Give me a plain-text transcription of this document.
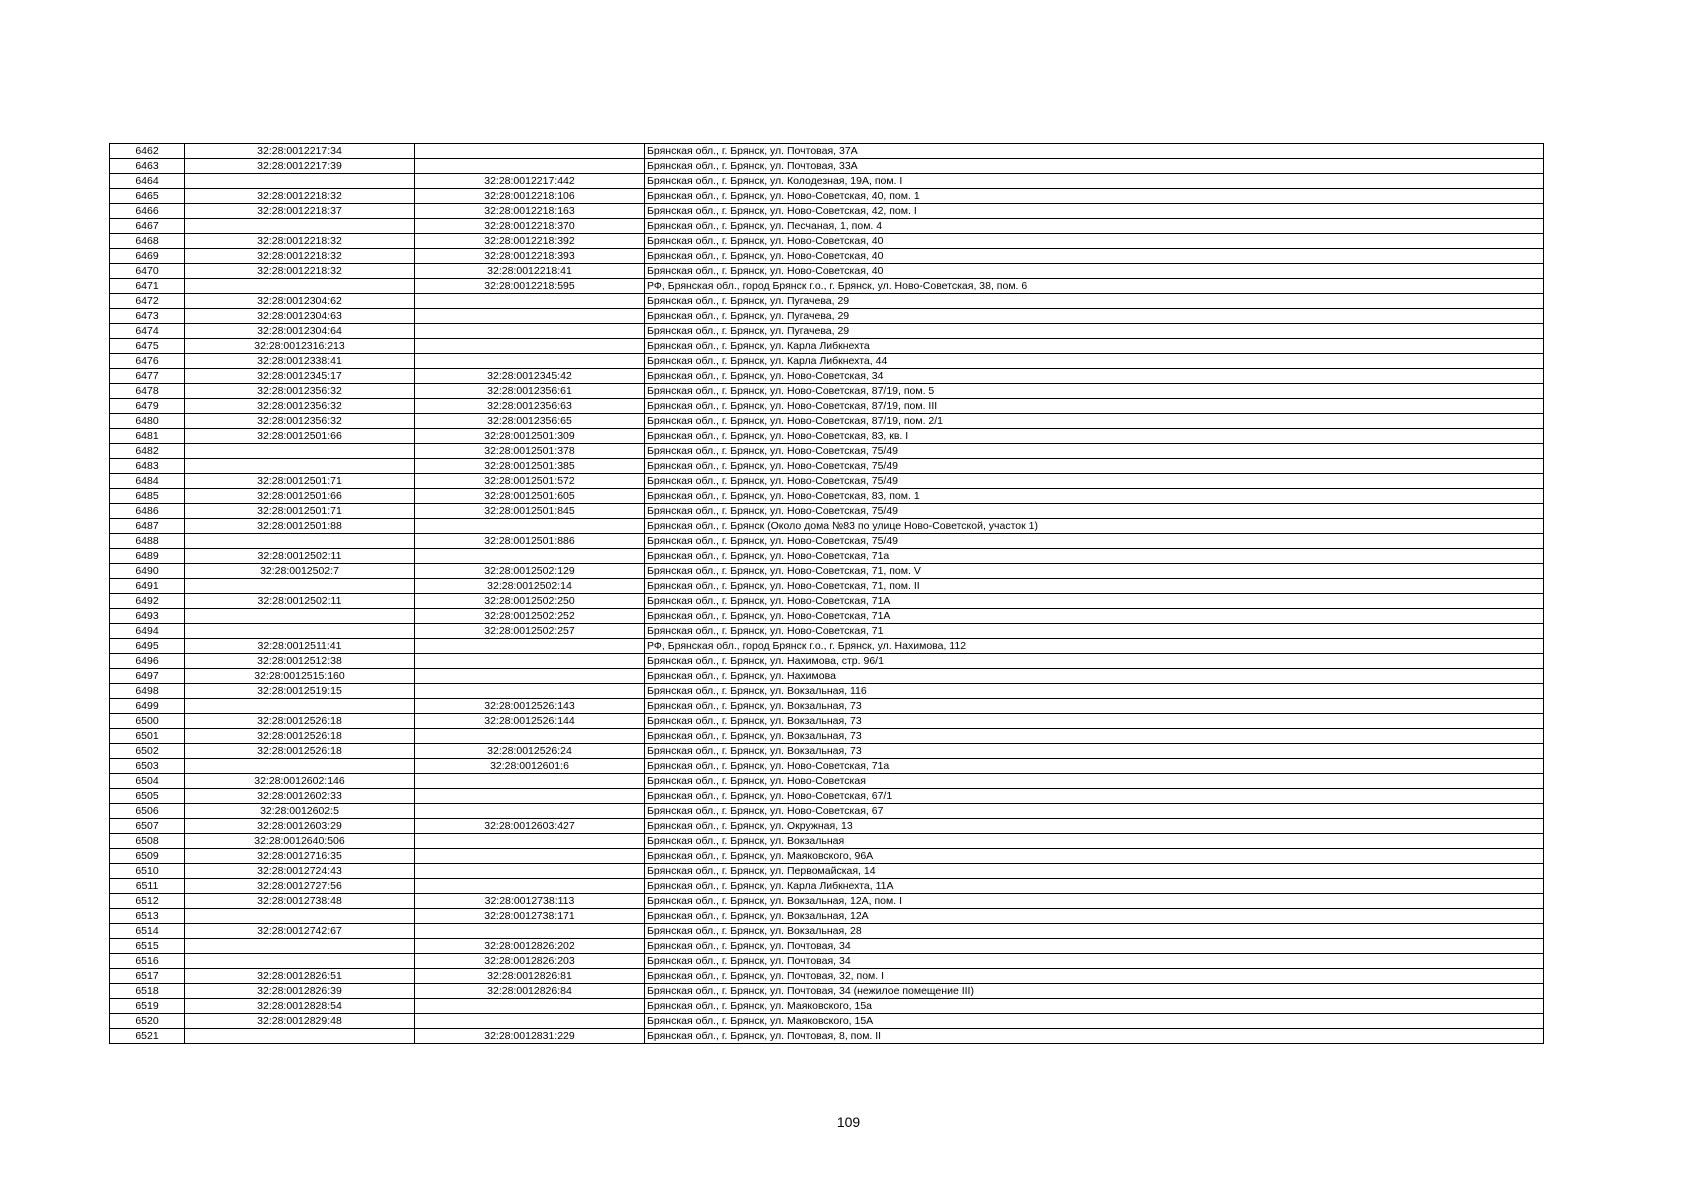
6462	32:28:0012217:34		Брянская обл., г. Брянск, ул. Почтовая, 37А
6463	32:28:0012217:39		Брянская обл., г. Брянск, ул. Почтовая, 33А
6464		32:28:0012217:442	Брянская обл., г. Брянск, ул. Колодезная, 19А, пом. I
6465	32:28:0012218:32	32:28:0012218:106	Брянская обл., г. Брянск, ул. Ново-Советская, 40, пом. 1
6466	32:28:0012218:37	32:28:0012218:163	Брянская обл., г. Брянск, ул. Ново-Советская, 42, пом. I
6467		32:28:0012218:370	Брянская обл., г. Брянск, ул. Песчаная, 1, пом. 4
6468	32:28:0012218:32	32:28:0012218:392	Брянская обл., г. Брянск, ул. Ново-Советская, 40
6469	32:28:0012218:32	32:28:0012218:393	Брянская обл., г. Брянск, ул. Ново-Советская, 40
6470	32:28:0012218:32	32:28:0012218:41	Брянская обл., г. Брянск, ул. Ново-Советская, 40
6471		32:28:0012218:595	РФ, Брянская обл., город Брянск г.о., г. Брянск, ул. Ново-Советская, 38, пом. 6
6472	32:28:0012304:62		Брянская обл., г. Брянск, ул. Пугачева, 29
6473	32:28:0012304:63		Брянская обл., г. Брянск, ул. Пугачева, 29
6474	32:28:0012304:64		Брянская обл., г. Брянск, ул. Пугачева, 29
6475	32:28:0012316:213		Брянская обл., г. Брянск, ул. Карла Либкнехта
6476	32:28:0012338:41		Брянская обл., г. Брянск, ул. Карла Либкнехта, 44
6477	32:28:0012345:17	32:28:0012345:42	Брянская обл., г. Брянск, ул. Ново-Советская, 34
6478	32:28:0012356:32	32:28:0012356:61	Брянская обл., г. Брянск, ул. Ново-Советская, 87/19, пом. 5
6479	32:28:0012356:32	32:28:0012356:63	Брянская обл., г. Брянск, ул. Ново-Советская, 87/19, пом. III
6480	32:28:0012356:32	32:28:0012356:65	Брянская обл., г. Брянск, ул. Ново-Советская, 87/19, пом. 2/1
6481	32:28:0012501:66	32:28:0012501:309	Брянская обл., г. Брянск, ул. Ново-Советская, 83, кв. I
6482		32:28:0012501:378	Брянская обл., г. Брянск, ул. Ново-Советская, 75/49
6483		32:28:0012501:385	Брянская обл., г. Брянск, ул. Ново-Советская, 75/49
6484	32:28:0012501:71	32:28:0012501:572	Брянская обл., г. Брянск, ул. Ново-Советская, 75/49
6485	32:28:0012501:66	32:28:0012501:605	Брянская обл., г. Брянск, ул. Ново-Советская, 83, пом. 1
6486	32:28:0012501:71	32:28:0012501:845	Брянская обл., г. Брянск, ул. Ново-Советская, 75/49
6487	32:28:0012501:88		Брянская обл., г. Брянск (Около дома №83 по улице Ново-Советской, участок 1)
6488		32:28:0012501:886	Брянская обл., г. Брянск, ул. Ново-Советская, 75/49
6489	32:28:0012502:11		Брянская обл., г. Брянск, ул. Ново-Советская, 71а
6490	32:28:0012502:7	32:28:0012502:129	Брянская обл., г. Брянск, ул. Ново-Советская, 71, пом. V
6491		32:28:0012502:14	Брянская обл., г. Брянск, ул. Ново-Советская, 71, пом. II
6492	32:28:0012502:11	32:28:0012502:250	Брянская обл., г. Брянск, ул. Ново-Советская, 71А
6493		32:28:0012502:252	Брянская обл., г. Брянск, ул. Ново-Советская, 71А
6494		32:28:0012502:257	Брянская обл., г. Брянск, ул. Ново-Советская, 71
6495	32:28:0012511:41		РФ, Брянская обл., город Брянск г.о., г. Брянск, ул. Нахимова, 112
6496	32:28:0012512:38		Брянская обл., г. Брянск, ул. Нахимова, стр. 96/1
6497	32:28:0012515:160		Брянская обл., г. Брянск, ул. Нахимова
6498	32:28:0012519:15		Брянская обл., г. Брянск, ул. Вокзальная, 116
6499		32:28:0012526:143	Брянская обл., г. Брянск, ул. Вокзальная, 73
6500	32:28:0012526:18	32:28:0012526:144	Брянская обл., г. Брянск, ул. Вокзальная, 73
6501	32:28:0012526:18		Брянская обл., г. Брянск, ул. Вокзальная, 73
6502	32:28:0012526:18	32:28:0012526:24	Брянская обл., г. Брянск, ул. Вокзальная, 73
6503		32:28:0012601:6	Брянская обл., г. Брянск, ул. Ново-Советская, 71а
6504	32:28:0012602:146		Брянская обл., г. Брянск, ул. Ново-Советская
6505	32:28:0012602:33		Брянская обл., г. Брянск, ул. Ново-Советская, 67/1
6506	32:28:0012602:5		Брянская обл., г. Брянск, ул. Ново-Советская, 67
6507	32:28:0012603:29	32:28:0012603:427	Брянская обл., г. Брянск, ул. Окружная, 13
6508	32:28:0012640:506		Брянская обл., г. Брянск, ул. Вокзальная
6509	32:28:0012716:35		Брянская обл., г. Брянск, ул. Маяковского, 96А
6510	32:28:0012724:43		Брянская обл., г. Брянск, ул. Первомайская, 14
6511	32:28:0012727:56		Брянская обл., г. Брянск, ул. Карла Либкнехта, 11А
6512	32:28:0012738:48	32:28:0012738:113	Брянская обл., г. Брянск, ул. Вокзальная, 12А, пом. I
6513		32:28:0012738:171	Брянская обл., г. Брянск, ул. Вокзальная, 12А
6514	32:28:0012742:67		Брянская обл., г. Брянск, ул. Вокзальная, 28
6515		32:28:0012826:202	Брянская обл., г. Брянск, ул. Почтовая, 34
6516		32:28:0012826:203	Брянская обл., г. Брянск, ул. Почтовая, 34
6517	32:28:0012826:51	32:28:0012826:81	Брянская обл., г. Брянск, ул. Почтовая, 32, пом. I
6518	32:28:0012826:39	32:28:0012826:84	Брянская обл., г. Брянск, ул. Почтовая, 34 (нежилое помещение III)
6519	32:28:0012828:54		Брянская обл., г. Брянск, ул. Маяковского, 15а
6520	32:28:0012829:48		Брянская обл., г. Брянск, ул. Маяковского, 15А
6521		32:28:0012831:229	Брянская обл., г. Брянск, ул. Почтовая, 8, пом. II
109
